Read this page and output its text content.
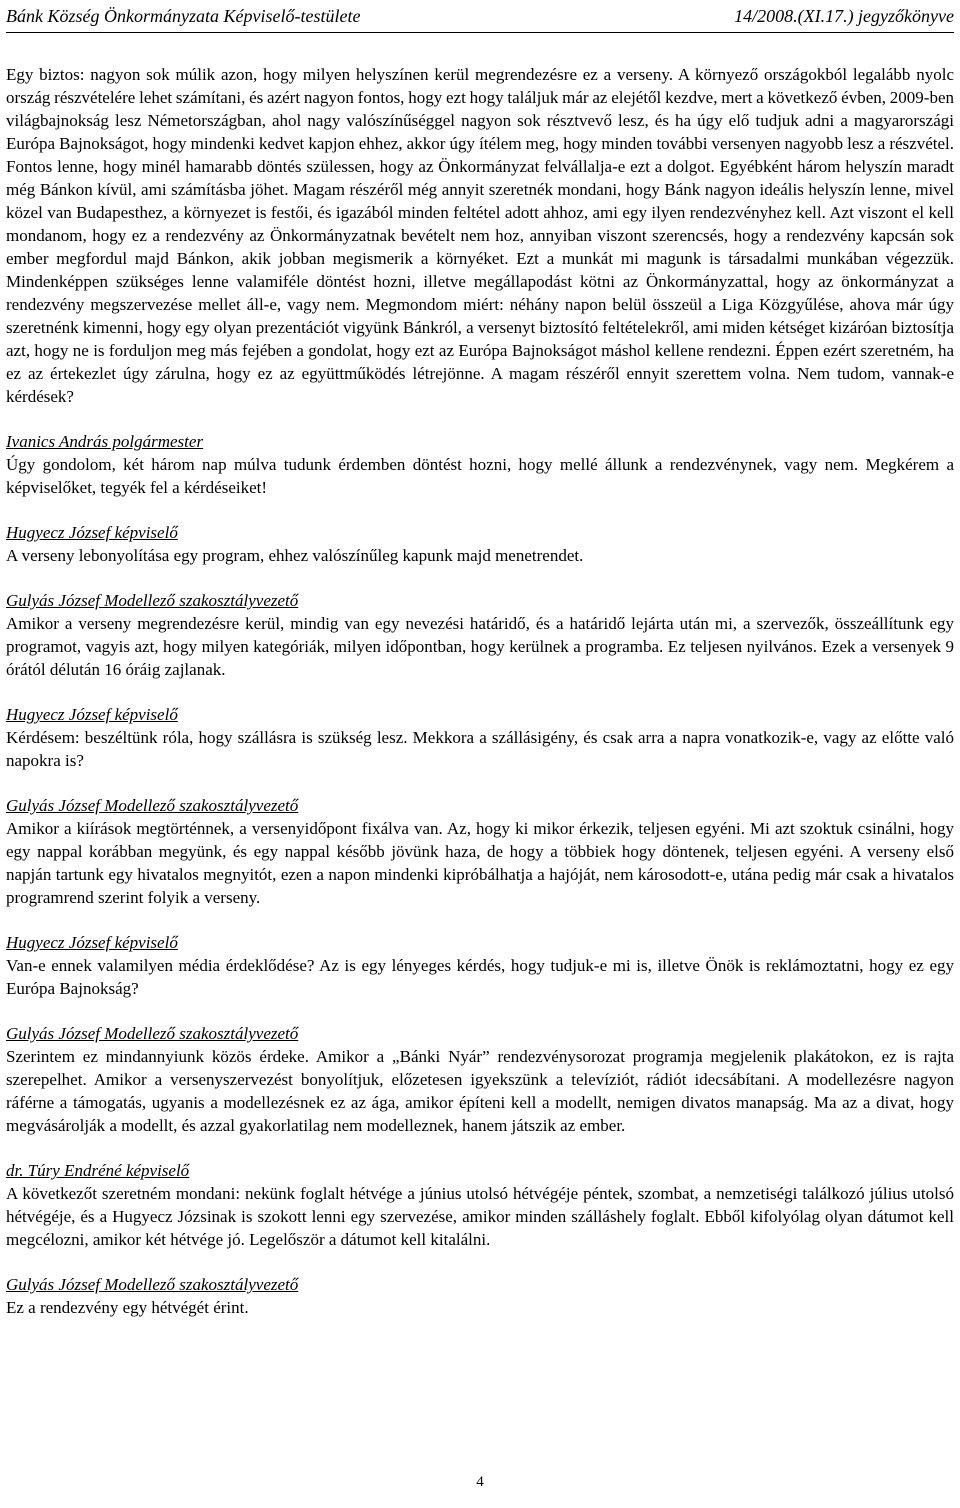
Bánk Község Önkormányzata Képviselő-testülete	14/2008.(XI.17.) jegyzőkönyve

Egy biztos: nagyon sok múlik azon, hogy milyen helyszínen kerül megrendezésre ez a verseny. A környező országokból legalább nyolc ország részvételére lehet számítani, és azért nagyon fontos, hogy ezt hogy találjuk már az elejétől kezdve, mert a következő évben, 2009-ben világbajnokság lesz Németországban, ahol nagy valószínűséggel nagyon sok résztvevő lesz, és ha úgy elő tudjuk adni a magyarországi Európa Bajnokságot, hogy mindenki kedvet kapjon ehhez, akkor úgy ítélem meg, hogy minden további versenyen nagyobb lesz a részvétel. Fontos lenne, hogy minél hamarabb döntés szülessen, hogy az Önkormányzat felvállalja-e ezt a dolgot. Egyébként három helyszín maradt még Bánkon kívül, ami számításba jöhet. Magam részéről még annyit szeretnék mondani, hogy Bánk nagyon ideális helyszín lenne, mivel közel van Budapesthez, a környezet is festői, és igazából minden feltétel adott ahhoz, ami egy ilyen rendezvényhez kell. Azt viszont el kell mondanom, hogy ez a rendezvény az Önkormányzatnak bevételt nem hoz, annyiban viszont szerencsés, hogy a rendezvény kapcsán sok ember megfordul majd Bánkon, akik jobban megismerik a környéket. Ezt a munkát mi magunk is társadalmi munkában végezzük. Mindenképpen szükséges lenne valamiféle döntést hozni, illetve megállapodást kötni az Önkormányzattal, hogy az önkormányzat a rendezvény megszervezése mellet áll-e, vagy nem. Megmondom miért: néhány napon belül összeül a Liga Közgyűlése, ahova már úgy szeretnénk kimenni, hogy egy olyan prezentációt vigyünk Bánkról, a versenyt biztosító feltételekről, ami miden kétséget kizáróan biztosítja azt, hogy ne is forduljon meg más fejében a gondolat, hogy ezt az Európa Bajnokságot máshol kellene rendezni. Éppen ezért szeretném, ha ez az értekezlet úgy zárulna, hogy ez az együttműködés létrejönne. A magam részéről ennyit szerettem volna. Nem tudom, vannak-e kérdések?

Ivanics András polgármester

Úgy gondolom, két három nap múlva tudunk érdemben döntést hozni, hogy mellé állunk a rendezvénynek, vagy nem. Megkérem a képviselőket, tegyék fel a kérdéseiket!

Hugyecz József képviselő

A verseny lebonyolítása egy program, ehhez valószínűleg kapunk majd menetrendet.

Gulyás József Modellező szakosztályvezető

Amikor a verseny megrendezésre kerül, mindig van egy nevezési határidő, és a határidő lejárta után mi, a szervezők, összeállítunk egy programot, vagyis azt, hogy milyen kategóriák, milyen időpontban, hogy kerülnek a programba. Ez teljesen nyilvános. Ezek a versenyek 9 órától délután 16 óráig zajlanak.

Hugyecz József képviselő

Kérdésem: beszéltünk róla, hogy szállásra is szükség lesz. Mekkora a szállásigény, és csak arra a napra vonatkozik-e, vagy az előtte való napokra is?

Gulyás József Modellező szakosztályvezető

Amikor a kiírások megtörténnek, a versenyidőpont fixálva van. Az, hogy ki mikor érkezik, teljesen egyéni. Mi azt szoktuk csinálni, hogy egy nappal korábban megyünk, és egy nappal később jövünk haza, de hogy a többiek hogy döntenek, teljesen egyéni. A verseny első napján tartunk egy hivatalos megnyitót, ezen a napon mindenki kipróbálhatja a hajóját, nem károsodott-e, utána pedig már csak a hivatalos programrend szerint folyik a verseny.

Hugyecz József képviselő

Van-e ennek valamilyen média érdeklődése? Az is egy lényeges kérdés, hogy tudjuk-e mi is, illetve Önök is reklámoztatni, hogy ez egy Európa Bajnokság?

Gulyás József Modellező szakosztályvezető

Szerintem ez mindannyiunk közös érdeke. Amikor a „Bánki Nyár” rendezvénysorozat programja megjelenik plakátokon, ez is rajta szerepelhet. Amikor a versenyszervezést bonyolítjuk, előzetesen igyekszünk a televíziót, rádiót idecsábítani. A modellezésre nagyon ráférne a támogatás, ugyanis a modellezésnek ez az ága, amikor építeni kell a modellt, nemigen divatos manapság. Ma az a divat, hogy megvásárolják a modellt, és azzal gyakorlatilag nem modelleznek, hanem játszik az ember.

dr. Túry Endréné képviselő

A következőt szeretném mondani: nekünk foglalt hétvége a június utolsó hétvégéje péntek, szombat, a nemzetiségi találkozó július utolsó hétvégéje, és a Hugyecz Józsinak is szokott lenni egy szervezése, amikor minden szálláshely foglalt. Ebből kifolyólag olyan dátumot kell megcélozni, amikor két hétvége jó. Legelőször a dátumot kell kitalálni.

Gulyás József Modellező szakosztályvezető

Ez a rendezvény egy hétvégét érint.

4
